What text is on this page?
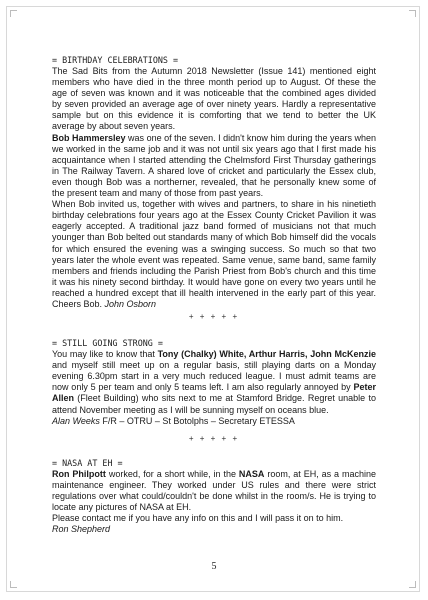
= BIRTHDAY CELEBRATIONS =

The Sad Bits from the Autumn 2018 Newsletter (Issue 141) mentioned eight members who have died in the three month period up to August. Of these the age of seven was known and it was noticeable that the combined ages divided by seven provided an average age of over ninety years. Hardly a representative sample but on this evidence it is comforting that we tend to better the UK average by about seven years.

Bob Hammersley was one of the seven. I didn't know him during the years when we worked in the same job and it was not until six years ago that I first made his acquaintance when I started attending the Chelmsford First Thursday gatherings in The Railway Tavern. A shared love of cricket and particularly the Essex club, even though Bob was a northerner, revealed, that he personally knew some of the present team and many of those from past years.

When Bob invited us, together with wives and partners, to share in his ninetieth birthday celebrations four years ago at the Essex County Cricket Pavilion it was eagerly accepted. A traditional jazz band formed of musicians not that much younger than Bob belted out standards many of which Bob himself did the vocals for which ensured the evening was a swinging success. So much so that two years later the whole event was repeated. Same venue, same band, same family members and friends including the Parish Priest from Bob's church and this time it was his ninety second birthday. It would have gone on every two years until he reached a hundred except that ill health intervened in the early part of this year. Cheers Bob. John Osborn

+ + + + +
= STILL GOING STRONG =

You may like to know that Tony (Chalky) White, Arthur Harris, John McKenzie and myself still meet up on a regular basis, still playing darts on a Monday evening 6.30pm start in a very much reduced league. I must admit teams are now only 5 per team and only 5 teams left. I am also regularly annoyed by Peter Allen (Fleet Building) who sits next to me at Stamford Bridge. Regret unable to attend November meeting as I will be sunning myself on oceans blue.

Alan Weeks F/R – OTRU – St Botolphs – Secretary ETESSA

+ + + + +
= NASA AT EH =

Ron Philpott worked, for a short while, in the NASA room, at EH, as a machine maintenance engineer. They worked under US rules and there were strict regulations over what could/couldn't be done whilst in the room/s. He is trying to locate any pictures of NASA at EH.

Please contact me if you have any info on this and I will pass it on to him.

Ron Shepherd

5
